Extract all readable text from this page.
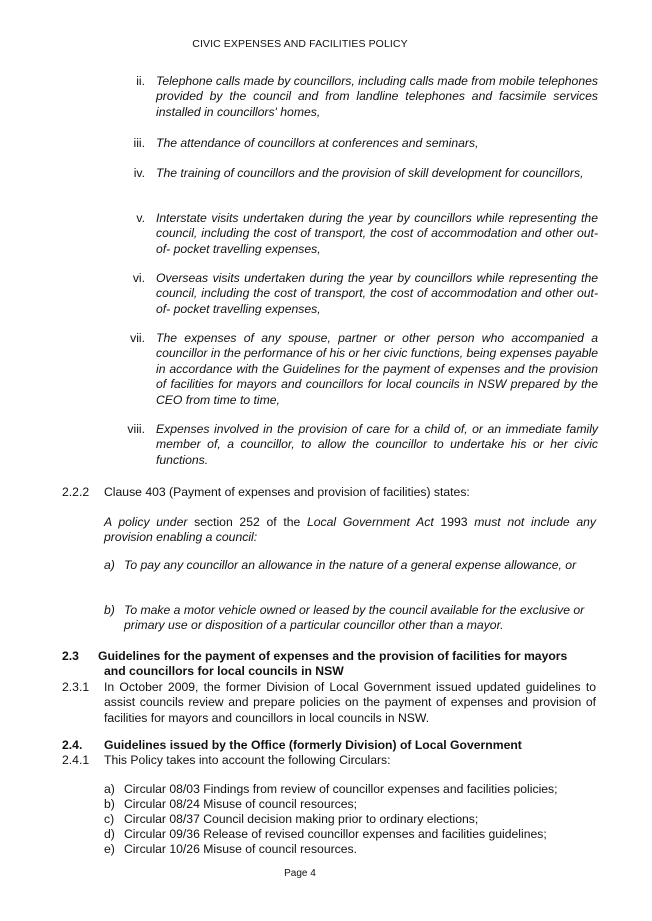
CIVIC EXPENSES AND FACILITIES POLICY
ii. Telephone calls made by councillors, including calls made from mobile telephones provided by the council and from landline telephones and facsimile services installed in councillors' homes,
iii. The attendance of councillors at conferences and seminars,
iv. The training of councillors and the provision of skill development for councillors,
v. Interstate visits undertaken during the year by councillors while representing the council, including the cost of transport, the cost of accommodation and other out-of- pocket travelling expenses,
vi. Overseas visits undertaken during the year by councillors while representing the council, including the cost of transport, the cost of accommodation and other out-of- pocket travelling expenses,
vii. The expenses of any spouse, partner or other person who accompanied a councillor in the performance of his or her civic functions, being expenses payable in accordance with the Guidelines for the payment of expenses and the provision of facilities for mayors and councillors for local councils in NSW prepared by the CEO from time to time,
viii. Expenses involved in the provision of care for a child of, or an immediate family member of, a councillor, to allow the councillor to undertake his or her civic functions.
2.2.2 Clause 403 (Payment of expenses and provision of facilities) states:
A policy under section 252 of the Local Government Act 1993 must not include any provision enabling a council:
a) To pay any councillor an allowance in the nature of a general expense allowance, or
b) To make a motor vehicle owned or leased by the council available for the exclusive or primary use or disposition of a particular councillor other than a mayor.
2.3 Guidelines for the payment of expenses and the provision of facilities for mayors
and councillors for local councils in NSW
2.3.1 In October 2009, the former Division of Local Government issued updated guidelines to assist councils review and prepare policies on the payment of expenses and provision of facilities for mayors and councillors in local councils in NSW.
2.4. Guidelines issued by the Office (formerly Division) of Local Government
2.4.1 This Policy takes into account the following Circulars:
a) Circular 08/03 Findings from review of councillor expenses and facilities policies;
b) Circular 08/24 Misuse of council resources;
c) Circular 08/37 Council decision making prior to ordinary elections;
d) Circular 09/36 Release of revised councillor expenses and facilities guidelines;
e) Circular 10/26 Misuse of council resources.
Page 4
